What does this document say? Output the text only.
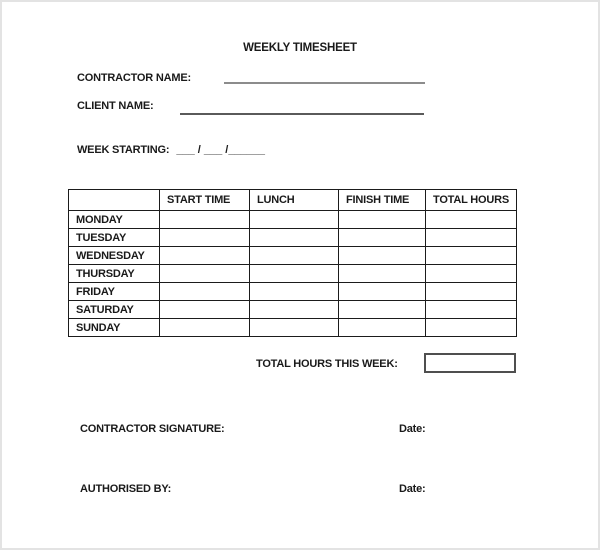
WEEKLY TIMESHEET
CONTRACTOR NAME:
CLIENT NAME:
WEEK STARTING: ___ / ___ /______
	START TIME	LUNCH	FINISH TIME	TOTAL HOURS
MONDAY				
TUESDAY				
WEDNESDAY				
THURSDAY				
FRIDAY				
SATURDAY				
SUNDAY				
TOTAL HOURS THIS WEEK:
CONTRACTOR SIGNATURE:	Date:
AUTHORISED BY:	Date:
